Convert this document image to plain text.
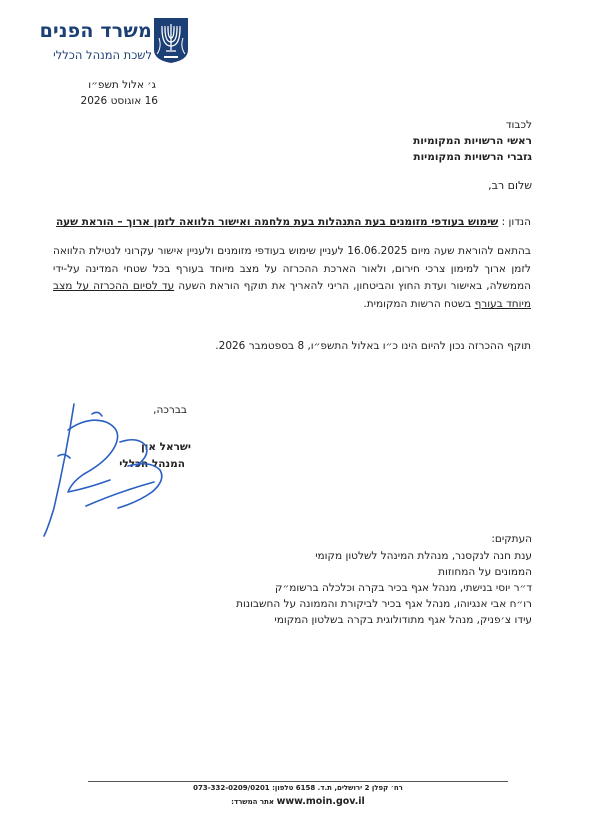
משרד הפנים
לשכת המנהל הכללי
ג׳ אלול תשפ״ו
16 אוגוסט 2026
לכבוד
ראשי הרשויות המקומיות
גזברי הרשויות המקומיות
שלום רב,
הנדון : שימוש בעודפי מזומנים בעת התנהלות בעת מלחמה ואישור הלוואה לזמן ארוך – הוראת שעה

בהתאם להוראת שעה מיום 16.06.2025 לעניין שימוש בעודפי מזומנים ולעניין אישור עקרוני לנטילת הלוואה לזמן ארוך למימון צרכי חירום, ולאור הארכת ההכרזה על מצב מיוחד בעורף בכל שטחי המדינה על-ידי הממשלה, באישור ועדת החוץ והביטחון, הריני להאריך את תוקף הוראת השעה עד לסיום ההכרזה על מצב מיוחד בעורף בשטח הרשות המקומית.

תוקף ההכרזה נכון להיום הינו כ״ו באלול התשפ״ו, 8 בספטמבר 2026.
בברכה,
ישראל און
המנהל הכללי
העתקים:
ענת חנה לנקסנר, מנהלת המינהל לשלטון מקומי
הממונים על המחוזות
ד״ר יוסי בנישתי, מנהל אגף בכיר בקרה וכלכלה ברשומ״ק
רו״ח אבי אנגיוהו, מנהל אגף בכיר לביקורת והממונה על החשבונות
עידו צ׳פניק, מנהל אגף מתודולוגית בקרה בשלטון המקומי
רח׳ קפלן 2 ירושלים, ת.ד. 6158 טלפון: 073-332-0209/0201
www.moin.gov.il אתר המשרד:
